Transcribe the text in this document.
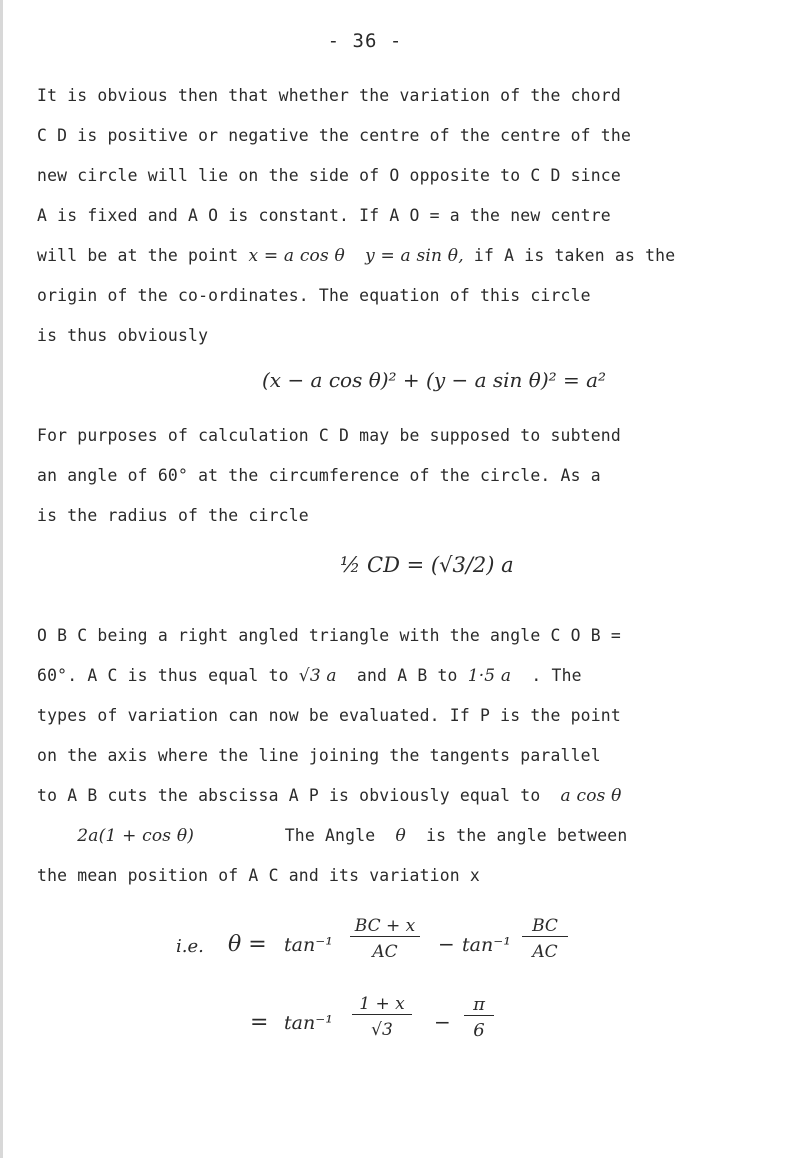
- 36 -
It is obvious then that whether the variation of the chord
C D is positive or negative the centre of the centre of the
new circle will lie on the side of O opposite to C D since
A is fixed and A O is constant. If A O = a the new centre
will be at the point x = a cos θ y = a sin θ, if A is taken as the
origin of the co-ordinates. The equation of this circle
is thus obviously
(x − a cos θ)² + (y − a sin θ)² = a²
For purposes of calculation C D may be supposed to subtend
an angle of 60° at the circumference of the circle. As a
is the radius of the circle
½ CD = (√3/2) a
O B C being a right angled triangle with the angle C O B =
60°. A C is thus equal to √3 a and A B to 1·5 a . The
types of variation can now be evaluated. If P is the point
on the axis where the line joining the tangents parallel
to A B cuts the abscissa A P is obviously equal to a cos θ
2a(1 + cos θ)	The Angle θ is the angle between
the mean position of A C and its variation x
i.e. θ = tan⁻¹
BC + x
AC	− tan⁻¹
BC
AC
= tan⁻¹
1 + x
√3	−
π
6
